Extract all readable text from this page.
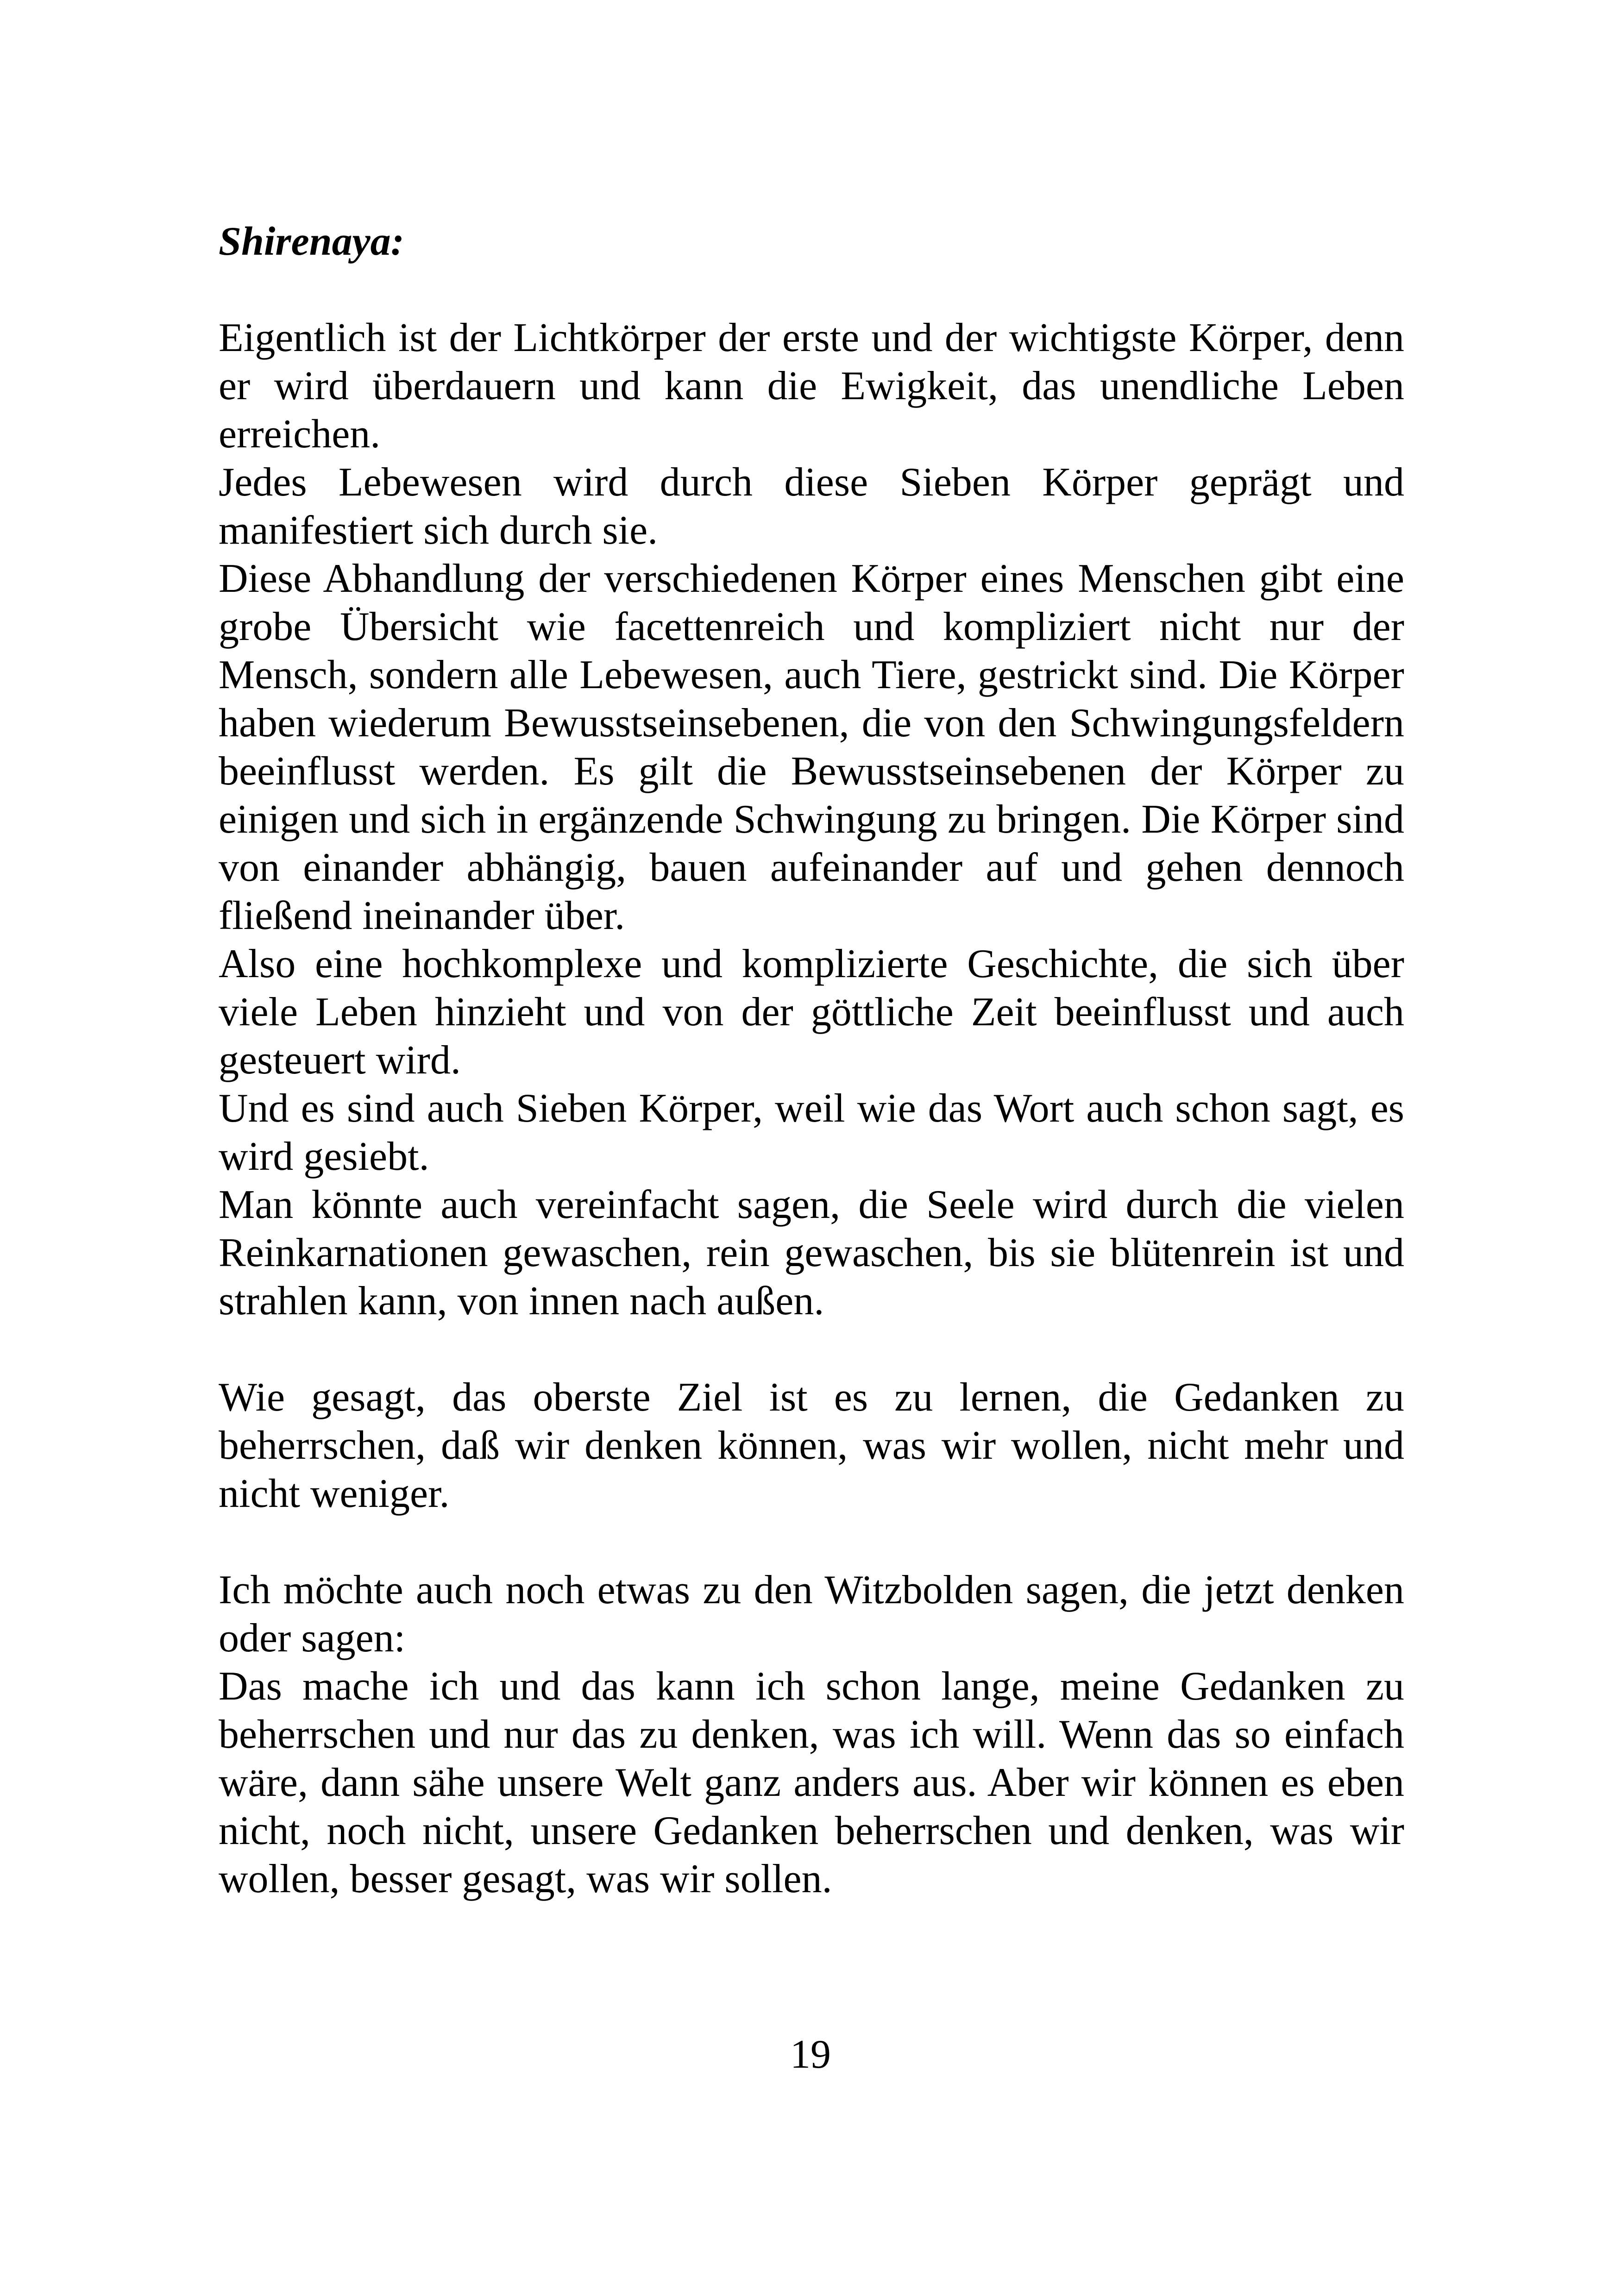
Shirenaya:

Eigentlich ist der Lichtkörper der erste und der wichtigste Körper, denn er wird überdauern und kann die Ewigkeit, das unendliche Leben erreichen.

Jedes Lebewesen wird durch diese Sieben Körper geprägt und manifestiert sich durch sie.

Diese Abhandlung der verschiedenen Körper eines Menschen gibt eine grobe Übersicht wie facettenreich und kompliziert nicht nur der Mensch, sondern alle Lebewesen, auch Tiere, gestrickt sind. Die Körper haben wiederum Bewusstseinsebenen, die von den Schwingungsfeldern beeinflusst werden. Es gilt die Bewusstseinsebenen der Körper zu einigen und sich in ergänzende Schwingung zu bringen. Die Körper sind von einander abhängig, bauen aufeinander auf und gehen dennoch fließend ineinander über.

Also eine hochkomplexe und komplizierte Geschichte, die sich über viele Leben hinzieht und von der göttliche Zeit beeinflusst und auch gesteuert wird.

Und es sind auch Sieben Körper, weil wie das Wort auch schon sagt, es wird gesiebt.

Man könnte auch vereinfacht sagen, die Seele wird durch die vielen Reinkarnationen gewaschen, rein gewaschen, bis sie blütenrein ist und strahlen kann, von innen nach außen.

Wie gesagt, das oberste Ziel ist es zu lernen, die Gedanken zu beherrschen, daß wir denken können, was wir wollen, nicht mehr und nicht weniger.

Ich möchte auch noch etwas zu den Witzbolden sagen, die jetzt denken oder sagen:

Das mache ich und das kann ich schon lange, meine Gedanken zu beherrschen und nur das zu denken, was ich will. Wenn das so einfach wäre, dann sähe unsere Welt ganz anders aus. Aber wir können es eben nicht, noch nicht, unsere Gedanken beherrschen und denken, was wir wollen, besser gesagt, was wir sollen.

19
